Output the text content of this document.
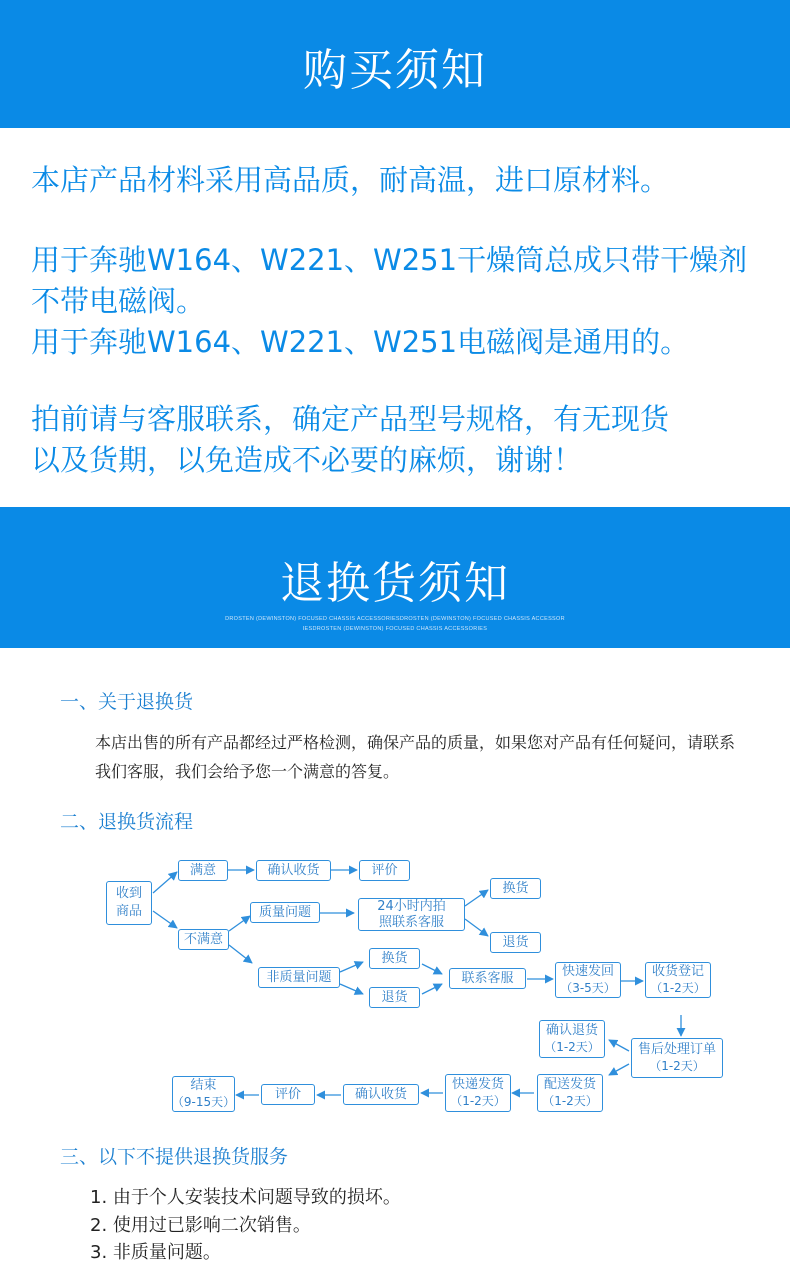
购买须知

本店产品材料采用高品质，耐高温，进口原材料。

用于奔驰W164、W221、W251干燥筒总成只带干燥剂

不带电磁阀。

用于奔驰W164、W221、W251电磁阀是通用的。

拍前请与客服联系，确定产品型号规格，有无现货

以及货期，以免造成不必要的麻烦，谢谢！

退换货须知
DROSTEN (DEWINSTON) FOCUSED CHASSIS ACCESSORIESDROSTEN (DEWINSTON) FOCUSED CHASSIS ACCESSORIESDROSTEN (DEWINSTON) FOCUSED CHASSIS ACCESSORIES
一、关于退换货
本店出售的所有产品都经过严格检测，确保产品的质量，如果您对产品有任何疑问，请联系我们客服，我们会给予您一个满意的答复。
二、退换货流程
收到
商品
满意	确认收货	评价
不满意
质量问题	24小时内拍
照联系客服
换货
退货
非质量问题
换货
退货
联系客服	快速发回
（3-5天）
收货登记
（1-2天）
售后处理订单
（1-2天）
确认退货
（1-2天）
配送发货
（1-2天）
快递发货
（1-2天）
确认收货
评价
结束
（9-15天）
三、以下不提供退换货服务
1. 由于个人安装技术问题导致的损坏。
2. 使用过已影响二次销售。
3. 非质量问题。
